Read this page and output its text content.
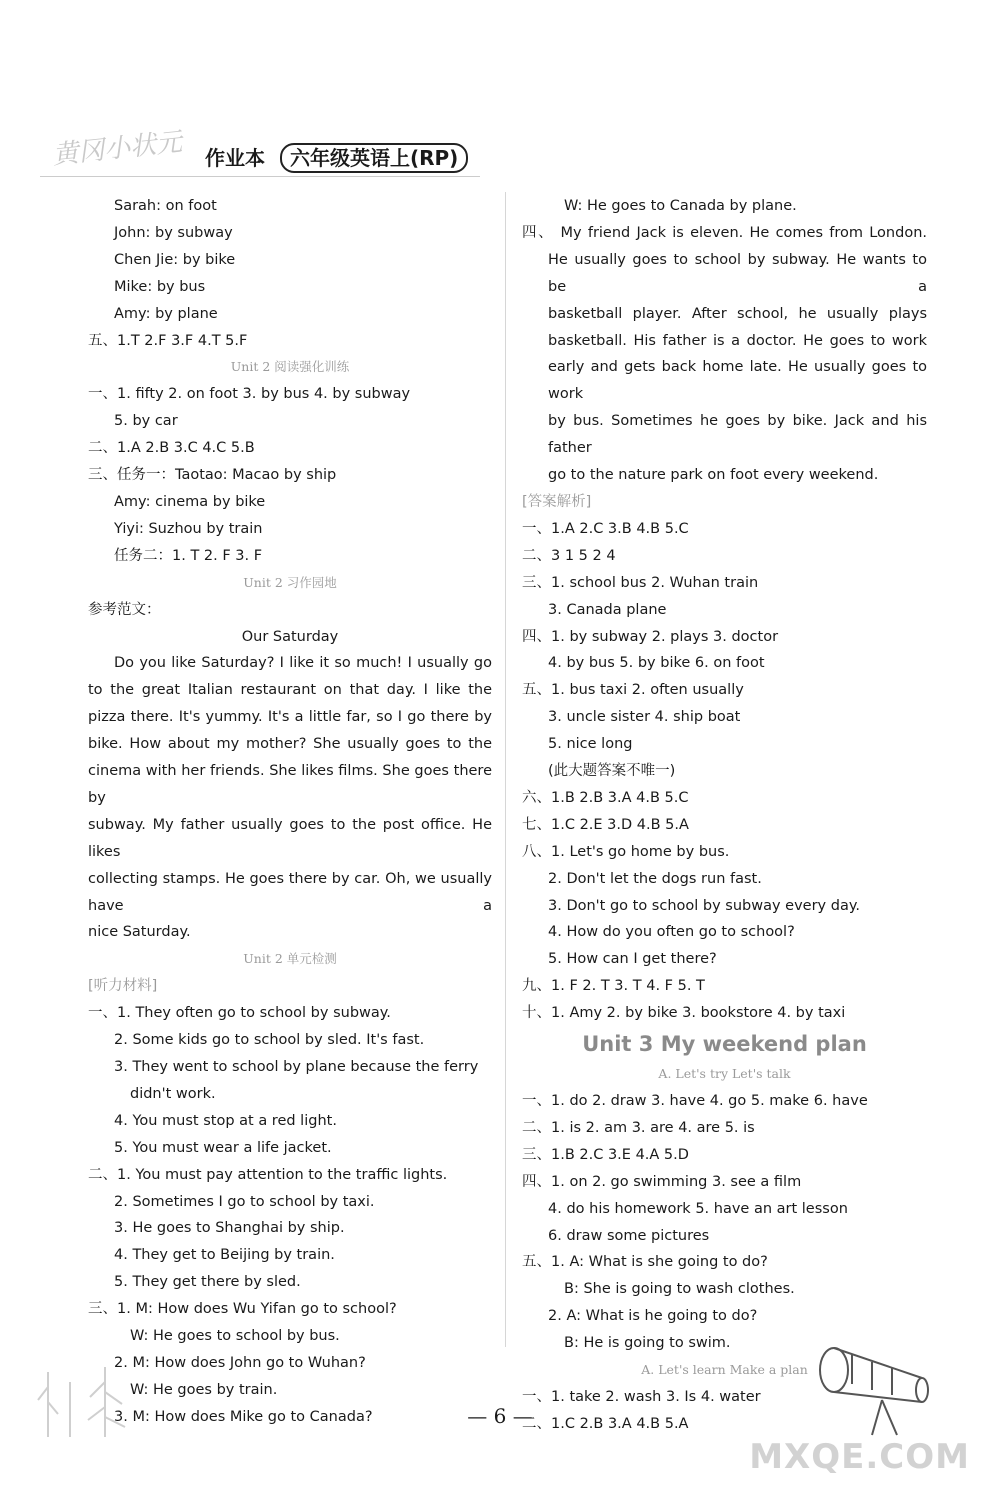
黄冈小状元 作业本 六年级英语上(RP)
Sarah: on foot
John: by subway
Chen Jie: by bike
Mike: by bus
Amy: by plane
五、1.T 2.F 3.F 4.T 5.F
Unit 2 阅读强化训练
一、1. fifty 2. on foot 3. by bus 4. by subway
5. by car
二、1.A 2.B 3.C 4.C 5.B
三、任务一：Taotao: Macao by ship
Amy: cinema by bike
Yiyi: Suzhou by train
任务二：1. T 2. F 3. F
Unit 2 习作园地
参考范文：
Our Saturday
Do you like Saturday? I like it so much! I usually go
to the great Italian restaurant on that day. I like the
pizza there. It's yummy. It's a little far, so I go there by
bike. How about my mother? She usually goes to the
cinema with her friends. She likes films. She goes there by
subway. My father usually goes to the post office. He likes
collecting stamps. He goes there by car. Oh, we usually have a
nice Saturday.
Unit 2 单元检测
[听力材料]
一、1. They often go to school by subway.
2. Some kids go to school by sled. It's fast.
3. They went to school by plane because the ferry
didn't work.
4. You must stop at a red light.
5. You must wear a life jacket.
二、1. You must pay attention to the traffic lights.
2. Sometimes I go to school by taxi.
3. He goes to Shanghai by ship.
4. They get to Beijing by train.
5. They get there by sled.
三、1. M: How does Wu Yifan go to school?
W: He goes to school by bus.
2. M: How does John go to Wuhan?
W: He goes by train.
3. M: How does Mike go to Canada?
W: He goes to Canada by plane.
四、 My friend Jack is eleven. He comes from London.
He usually goes to school by subway. He wants to be a
basketball player. After school, he usually plays
basketball. His father is a doctor. He goes to work
early and gets back home late. He usually goes to work
by bus. Sometimes he goes by bike. Jack and his father
go to the nature park on foot every weekend.
[答案解析]
一、1.A 2.C 3.B 4.B 5.C
二、3 1 5 2 4
三、1. school bus 2. Wuhan train
3. Canada plane
四、1. by subway 2. plays 3. doctor
4. by bus 5. by bike 6. on foot
五、1. bus taxi 2. often usually
3. uncle sister 4. ship boat
5. nice long
(此大题答案不唯一)
六、1.B 2.B 3.A 4.B 5.C
七、1.C 2.E 3.D 4.B 5.A
八、1. Let's go home by bus.
2. Don't let the dogs run fast.
3. Don't go to school by subway every day.
4. How do you often go to school?
5. How can I get there?
九、1. F 2. T 3. T 4. F 5. T
十、1. Amy 2. by bike 3. bookstore 4. by taxi
Unit 3 My weekend plan
A. Let's try Let's talk
一、1. do 2. draw 3. have 4. go 5. make 6. have
二、1. is 2. am 3. are 4. are 5. is
三、1.B 2.C 3.E 4.A 5.D
四、1. on 2. go swimming 3. see a film
4. do his homework 5. have an art lesson
6. draw some pictures
五、1. A: What is she going to do?
B: She is going to wash clothes.
2. A: What is he going to do?
B: He is going to swim.
A. Let's learn Make a plan
一、1. take 2. wash 3. Is 4. water
二、1.C 2.B 3.A 4.B 5.A
— 6 —
MXQE.COM
